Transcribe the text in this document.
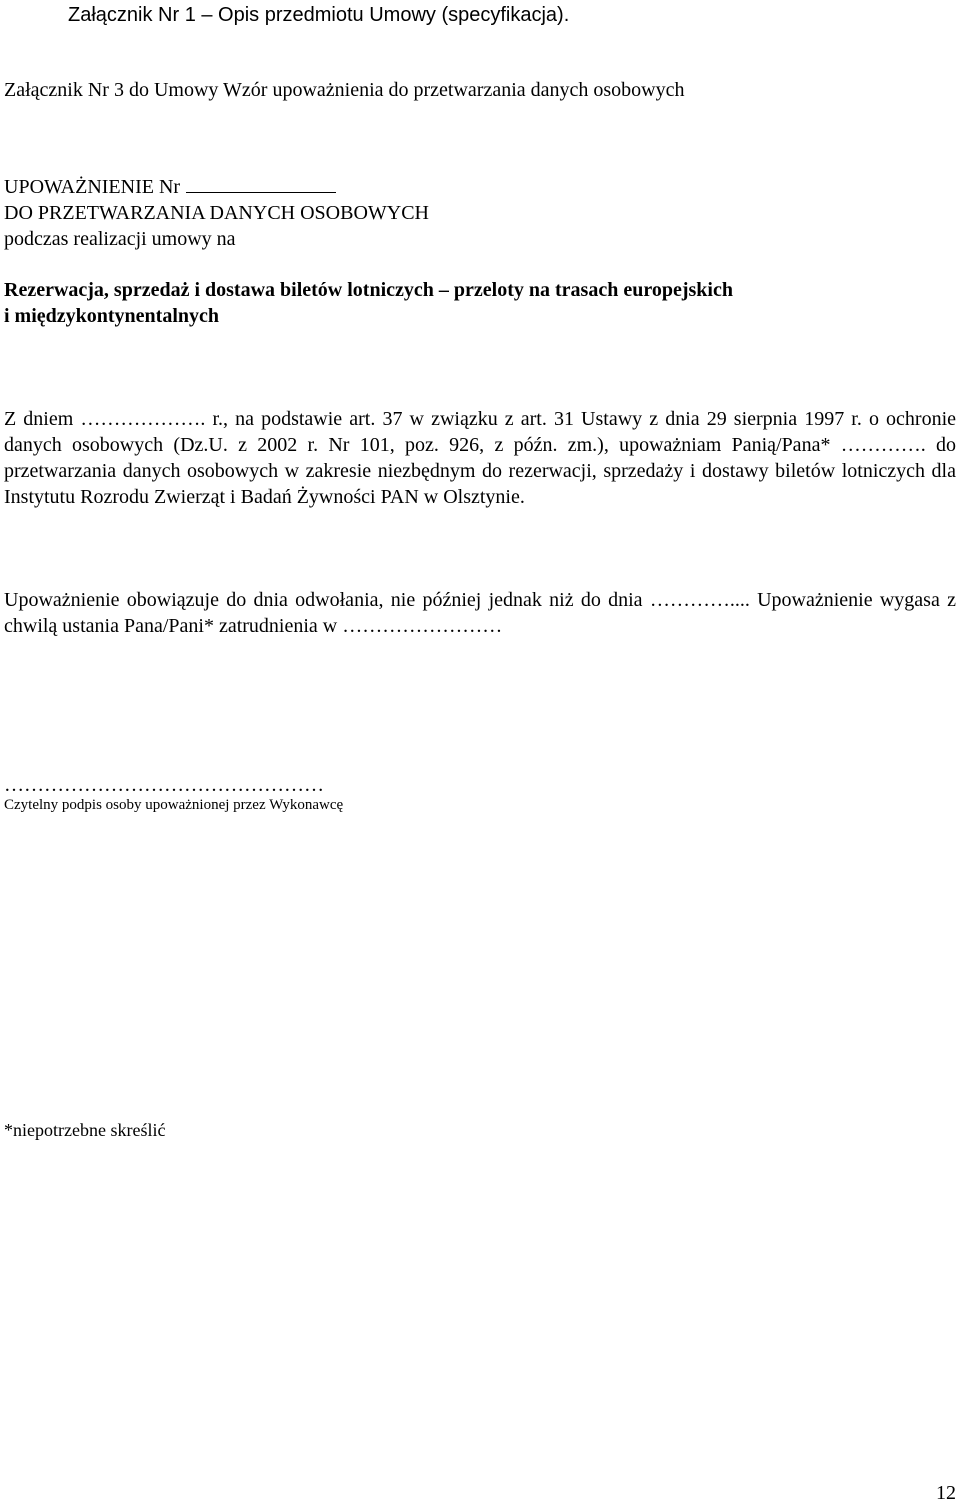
Załącznik Nr 1 – Opis przedmiotu Umowy (specyfikacja).
Załącznik Nr 3 do Umowy Wzór upoważnienia do przetwarzania danych osobowych
UPOWAŻNIENIE Nr
DO PRZETWARZANIA DANYCH OSOBOWYCH
podczas realizacji umowy na
Rezerwacja, sprzedaż i dostawa biletów lotniczych – przeloty na trasach europejskich
i międzykontynentalnych
Z dniem ………………. r., na podstawie art. 37 w związku z art. 31 Ustawy z dnia 29 sierpnia 1997 r. o ochronie danych osobowych (Dz.U. z 2002 r. Nr 101, poz. 926, z późn. zm.), upoważniam Panią/Pana* …………. do przetwarzania danych osobowych w zakresie niezbędnym do rezerwacji, sprzedaży i dostawy biletów lotniczych dla Instytutu Rozrodu Zwierząt i Badań Żywności PAN w Olsztynie.
Upoważnienie obowiązuje do dnia odwołania, nie później jednak niż do dnia ………….... Upoważnienie wygasa z chwilą ustania Pana/Pani* zatrudnienia w ……………………
…………………………………………
Czytelny podpis osoby upoważnionej przez Wykonawcę
*niepotrzebne skreślić
12
